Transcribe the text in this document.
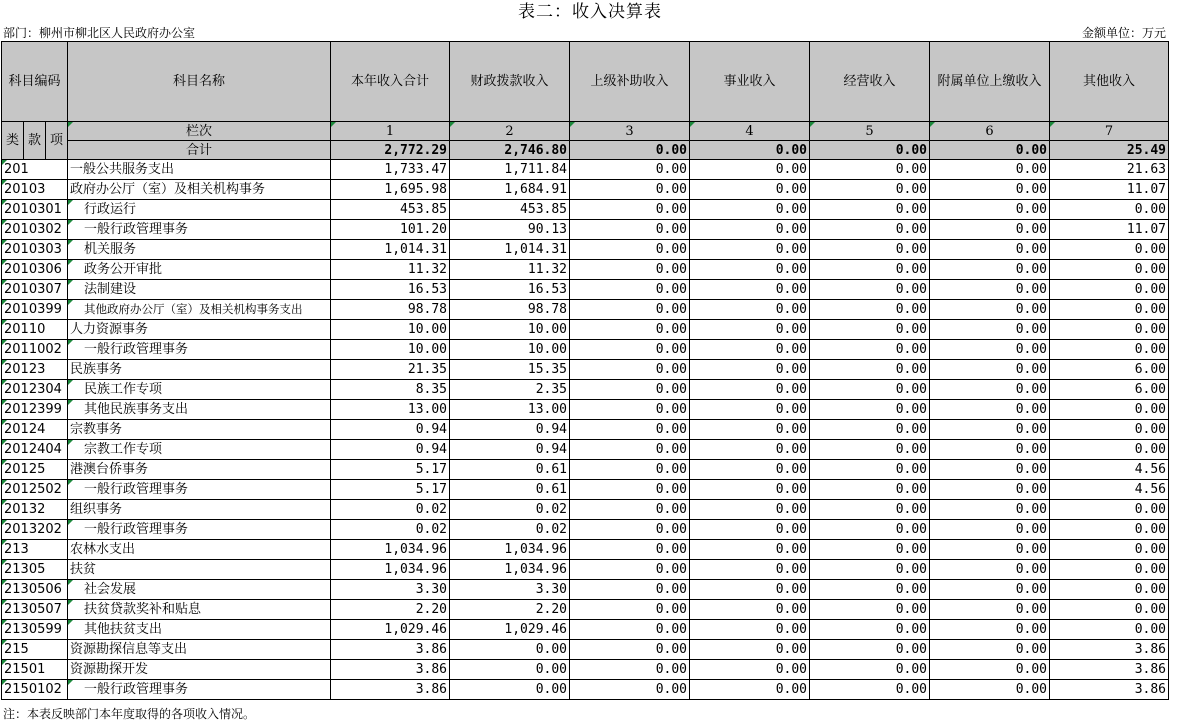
表二：收入决算表
部门：柳州市柳北区人民政府办公室	金额单位：万元
科目编码			科目名称	本年收入合计	财政拨款收入	上级补助收入	事业收入	经营收入	附属单位上缴收入	其他收入
类	款	项	栏次	1	2	3	4	5	6	7
			合计	2,772.29	2,746.80	0.00	0.00	0.00	0.00	25.49

201			一般公共服务支出	1,733.47	1,711.84	0.00	0.00	0.00	0.00	21.63

20103			政府办公厅（室）及相关机构事务	1,695.98	1,684.91	0.00	0.00	0.00	0.00	11.07

2010301			行政运行	453.85	453.85	0.00	0.00	0.00	0.00	0.00

2010302			一般行政管理事务	101.20	90.13	0.00	0.00	0.00	0.00	11.07

2010303			机关服务	1,014.31	1,014.31	0.00	0.00	0.00	0.00	0.00

2010306			政务公开审批	11.32	11.32	0.00	0.00	0.00	0.00	0.00

2010307			法制建设	16.53	16.53	0.00	0.00	0.00	0.00	0.00

2010399			其他政府办公厅（室）及相关机构事务支出	98.78	98.78	0.00	0.00	0.00	0.00	0.00

20110			人力资源事务	10.00	10.00	0.00	0.00	0.00	0.00	0.00

2011002			一般行政管理事务	10.00	10.00	0.00	0.00	0.00	0.00	0.00

20123			民族事务	21.35	15.35	0.00	0.00	0.00	0.00	6.00

2012304			民族工作专项	8.35	2.35	0.00	0.00	0.00	0.00	6.00

2012399			其他民族事务支出	13.00	13.00	0.00	0.00	0.00	0.00	0.00

20124			宗教事务	0.94	0.94	0.00	0.00	0.00	0.00	0.00

2012404			宗教工作专项	0.94	0.94	0.00	0.00	0.00	0.00	0.00

20125			港澳台侨事务	5.17	0.61	0.00	0.00	0.00	0.00	4.56

2012502			一般行政管理事务	5.17	0.61	0.00	0.00	0.00	0.00	4.56

20132			组织事务	0.02	0.02	0.00	0.00	0.00	0.00	0.00

2013202			一般行政管理事务	0.02	0.02	0.00	0.00	0.00	0.00	0.00

213			农林水支出	1,034.96	1,034.96	0.00	0.00	0.00	0.00	0.00

21305			扶贫	1,034.96	1,034.96	0.00	0.00	0.00	0.00	0.00

2130506			社会发展	3.30	3.30	0.00	0.00	0.00	0.00	0.00

2130507			扶贫贷款奖补和贴息	2.20	2.20	0.00	0.00	0.00	0.00	0.00

2130599			其他扶贫支出	1,029.46	1,029.46	0.00	0.00	0.00	0.00	0.00

215			资源勘探信息等支出	3.86	0.00	0.00	0.00	0.00	0.00	3.86

21501			资源勘探开发	3.86	0.00	0.00	0.00	0.00	0.00	3.86

2150102			一般行政管理事务	3.86	0.00	0.00	0.00	0.00	0.00	3.86
注：本表反映部门本年度取得的各项收入情况。
